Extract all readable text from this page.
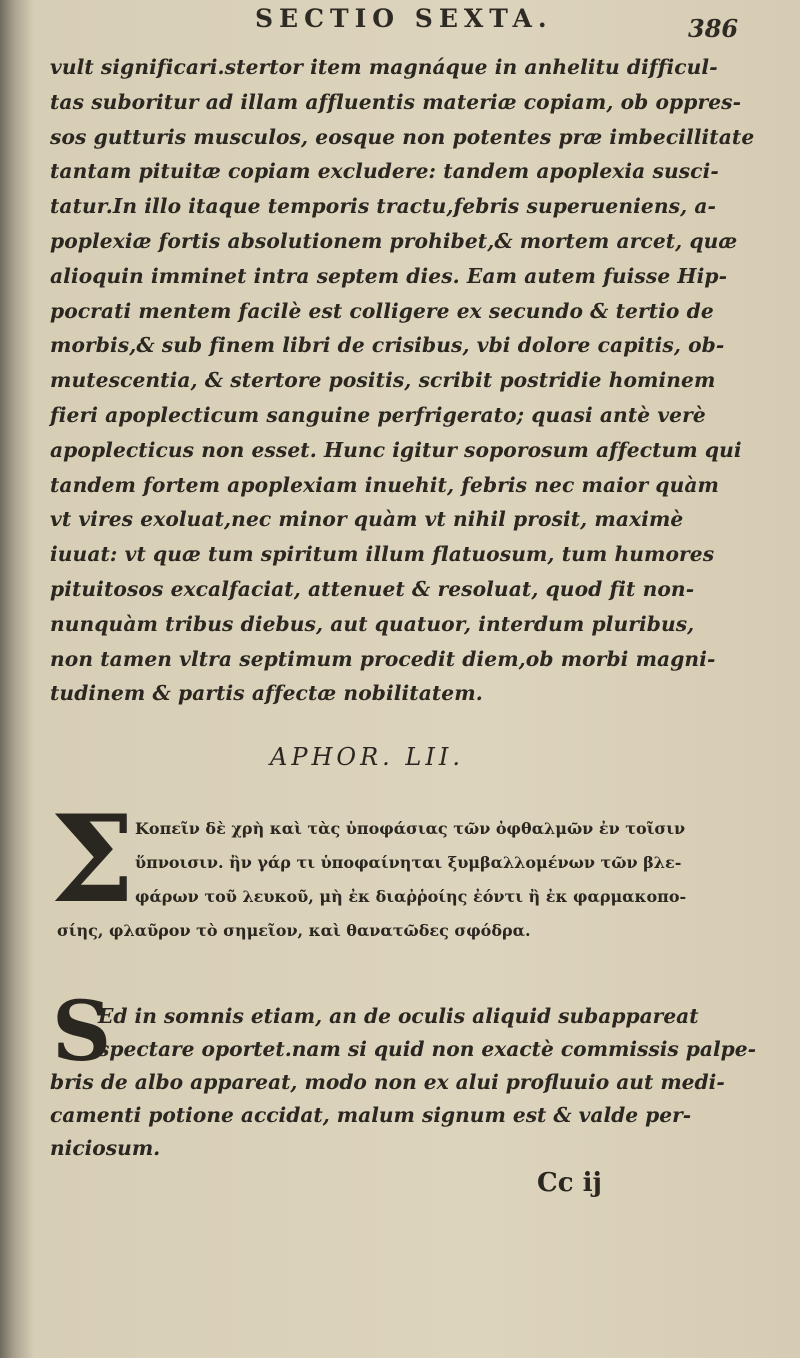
SECTIO SEXTA.	386
vult significari.stertor item magnáque in anhelitu difficul-
tas suboritur ad illam affluentis materiæ copiam, ob oppres-
sos gutturis musculos, eosque non potentes præ imbecillitate
tantam pituitæ copiam excludere: tandem apoplexia susci-
tatur.In illo itaque temporis tractu,febris superueniens, a-
poplexiæ fortis absolutionem prohibet,& mortem arcet, quæ
alioquin imminet intra septem dies. Eam autem fuisse Hip-
pocrati mentem facilè est colligere ex secundo & tertio de
morbis,& sub finem libri de crisibus, vbi dolore capitis, ob-
mutescentia, & stertore positis, scribit postridie hominem
fieri apoplecticum sanguine perfrigerato; quasi antè verè
apoplecticus non esset. Hunc igitur soporosum affectum qui
tandem fortem apoplexiam inuehit, febris nec maior quàm
vt vires exoluat,nec minor quàm vt nihil prosit, maximè
iuuat: vt quæ tum spiritum illum flatuosum, tum humores
pituitosos excalfaciat, attenuet & resoluat, quod fit non-
nunquàm tribus diebus, aut quatuor, interdum pluribus,
non tamen vltra septimum procedit diem,ob morbi magni-
tudinem & partis affectæ nobilitatem.
APHOR. LII.
Σ Κοπεῖν δὲ χρὴ καὶ τὰς ὑποφάσιας τῶν ὀφθαλμῶν ἐν τοῖσιν
ὕπνοισιν. ἢν γάρ τι ὑποφαίνηται ξυμβαλλομένων τῶν βλε-
φάρων τοῦ λευκοῦ, μὴ ἐκ διαῤῥοίης ἐόντι ἢ ἐκ φαρμακοπο-
σίης, φλαῦρον τὸ σημεῖον, καὶ θανατῶδες σφόδρα.
S
Ed in somnis etiam, an de oculis aliquid subappareat
spectare oportet.nam si quid non exactè commissis palpe-
bris de albo appareat, modo non ex alui profluuio aut medi-
camenti potione accidat, malum signum est & valde per-
niciosum.
Cc ij
